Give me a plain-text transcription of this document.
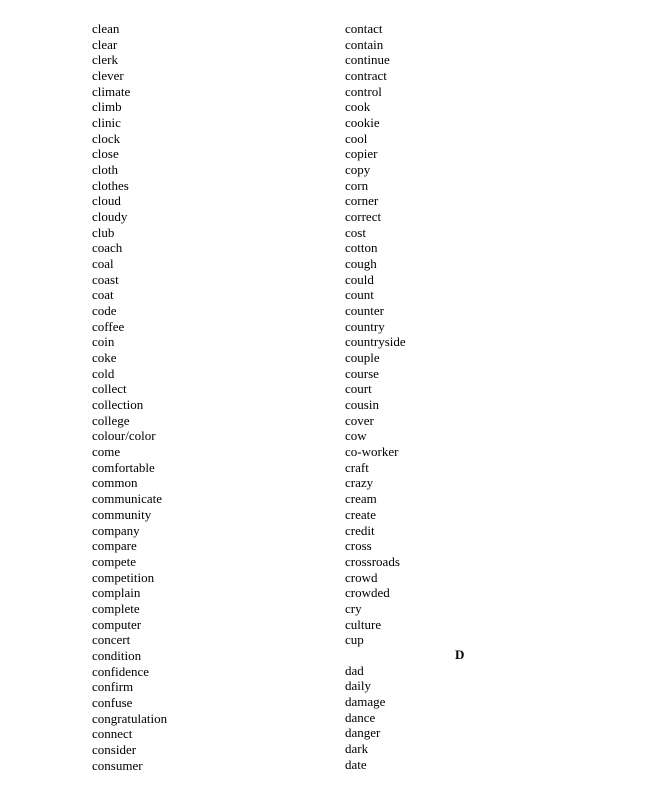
clean
clear
clerk
clever
climate
climb
clinic
clock
close
cloth
clothes
cloud
cloudy
club
coach
coal
coast
coat
code
coffee
coin
coke
cold
collect
collection
college
colour/color
come
comfortable
common
communicate
community
company
compare
compete
competition
complain
complete
computer
concert
condition
confidence
confirm
confuse
congratulation
connect
consider
consumer
contact
contain
continue
contract
control
cook
cookie
cool
copier
copy
corn
corner
correct
cost
cotton
cough
could
count
counter
country
countryside
couple
course
court
cousin
cover
cow
co-worker
craft
crazy
cream
create
credit
cross
crossroads
crowd
crowded
cry
culture
cup
D
dad
daily
damage
dance
danger
dark
date
